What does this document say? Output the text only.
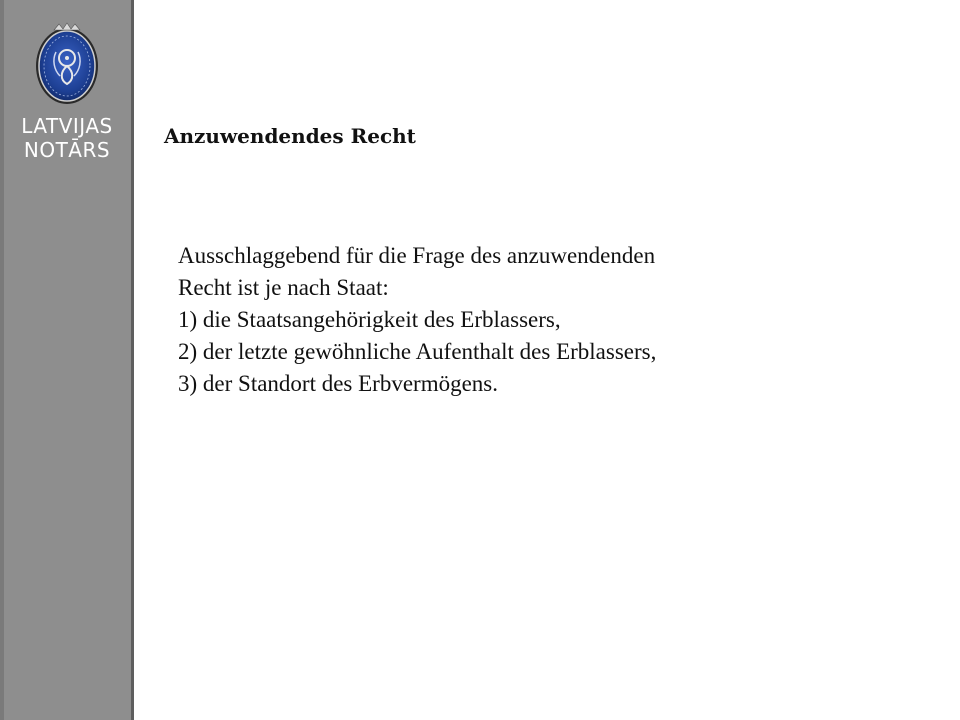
LATVIJAS
NOTĀRS
Anzuwendendes Recht
Ausschlaggebend für die Frage des anzuwendenden
Recht ist je nach Staat:
1) die Staatsangehörigkeit des Erblassers,
2) der letzte gewöhnliche Aufenthalt des Erblassers,
3) der Standort des Erbvermögens.
